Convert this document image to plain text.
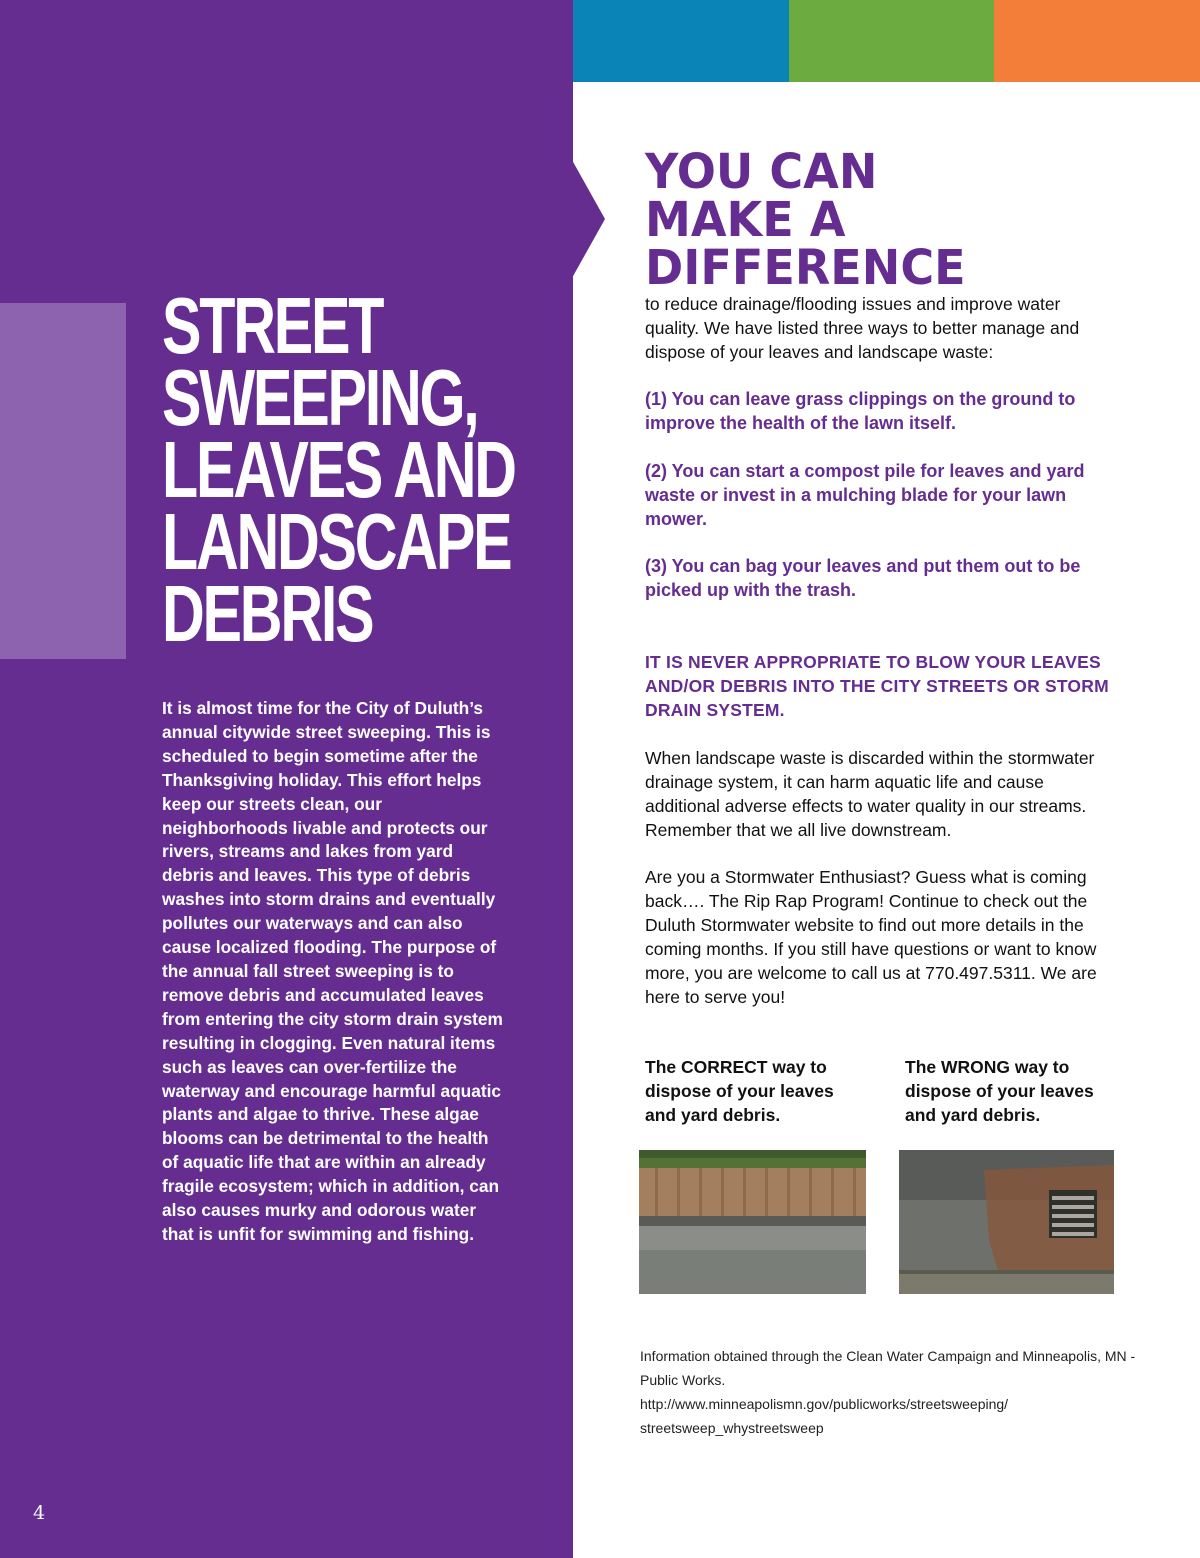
STREET
SWEEPING,
LEAVES AND
LANDSCAPE
DEBRIS

It is almost time for the City of Duluth’s annual citywide street sweeping. This is scheduled to begin sometime after the Thanksgiving holiday. This effort helps keep our streets clean, our neighborhoods livable and protects our rivers, streams and lakes from yard debris and leaves. This type of debris washes into storm drains and eventually pollutes our waterways and can also cause localized flooding. The purpose of the annual fall street sweeping is to remove debris and accumulated leaves from entering the city storm drain system resulting in clogging. Even natural items such as leaves can over-fertilize the waterway and encourage harmful aquatic plants and algae to thrive. These algae blooms can be detrimental to the health of aquatic life that are within an already fragile ecosystem; which in addition, can also causes murky and odorous water that is unfit for swimming and fishing.

4
YOU CAN
MAKE A
DIFFERENCE

to reduce drainage/flooding issues and improve water quality. We have listed three ways to better manage and dispose of your leaves and landscape waste:

(1) You can leave grass clippings on the ground to improve the health of the lawn itself.

(2) You can start a compost pile for leaves and yard waste or invest in a mulching blade for your lawn mower.

(3) You can bag your leaves and put them out to be picked up with the trash.

IT IS NEVER APPROPRIATE TO BLOW YOUR LEAVES AND/OR DEBRIS INTO THE CITY STREETS OR STORM DRAIN SYSTEM.

When landscape waste is discarded within the stormwater drainage system, it can harm aquatic life and cause additional adverse effects to water quality in our streams. Remember that we all live downstream.

Are you a Stormwater Enthusiast? Guess what is coming back…. The Rip Rap Program! Continue to check out the Duluth Stormwater website to find out more details in the coming months. If you still have questions or want to know more, you are welcome to call us at 770.497.5311. We are here to serve you!

The CORRECT way to dispose of your leaves and yard debris.

The WRONG way to dispose of your leaves and yard debris.

Information obtained through the Clean Water Campaign and Minneapolis, MN - Public Works.
http://www.minneapolismn.gov/publicworks/streetsweeping/
streetsweep_whystreetsweep
